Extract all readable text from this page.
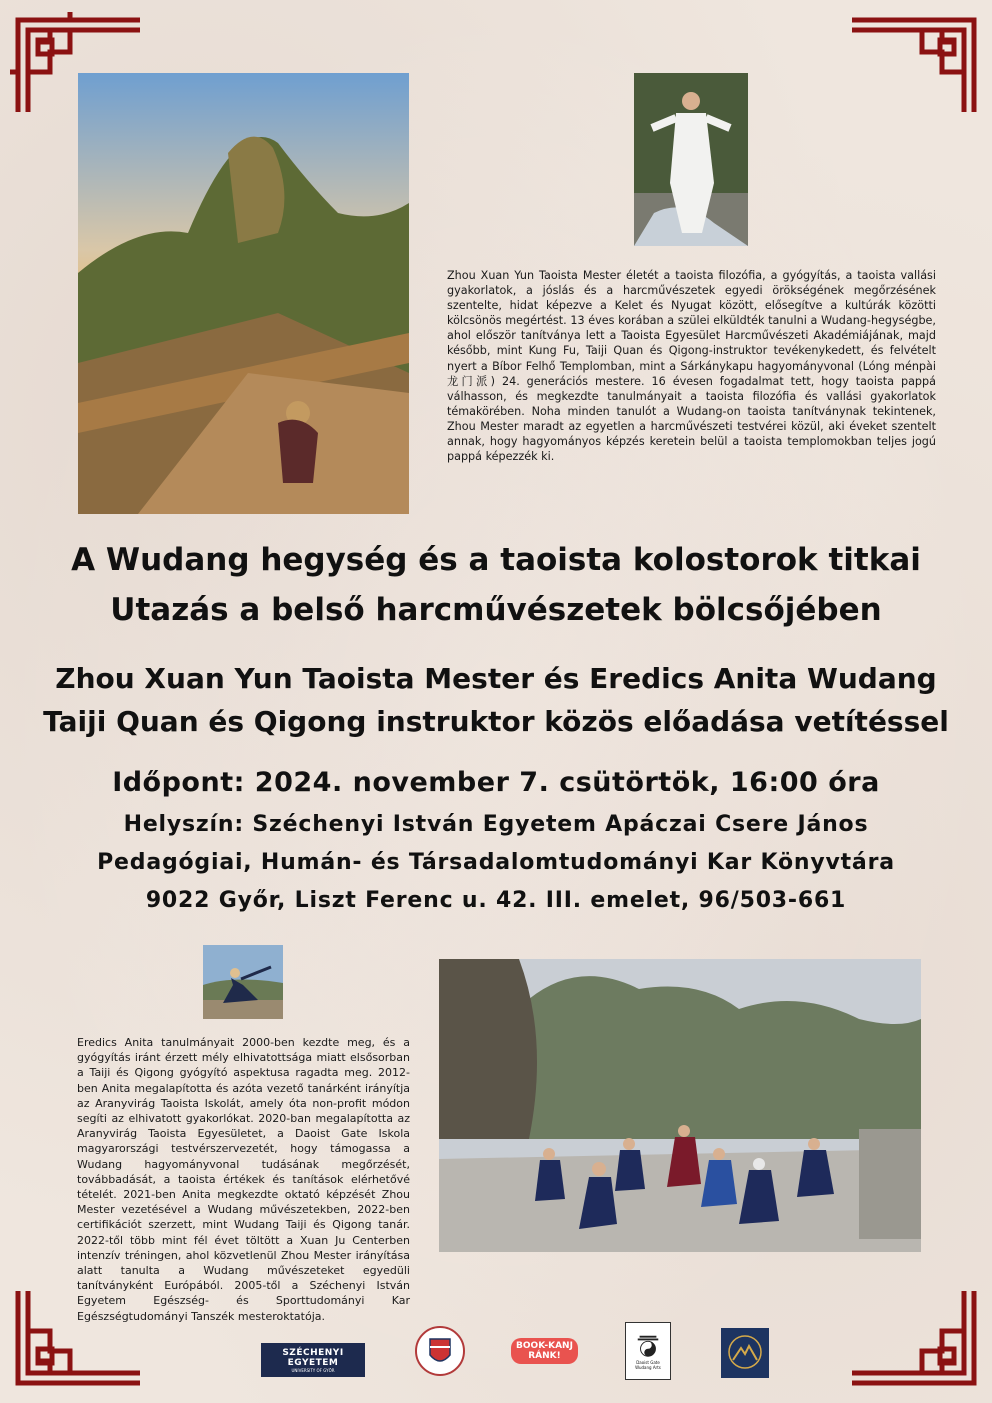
Zhou Xuan Yun Taoista Mester életét a taoista filozófia, a gyógyítás, a taoista vallási gyakorlatok, a jóslás és a harcművészetek egyedi örökségének megőrzésének szentelte, hidat képezve a Kelet és Nyugat között, elősegítve a kultúrák közötti kölcsönös megértést. 13 éves korában a szülei elküldték tanulni a Wudang-hegységbe, ahol először tanítványa lett a Taoista Egyesület Harcművészeti Akadémiájának, majd később, mint Kung Fu, Taiji Quan és Qigong-instruktor tevékenykedett, és felvételt nyert a Bíbor Felhő Templomban, mint a Sárkánykapu hagyományvonal (Lóng ménpài 龙门派) 24. generációs mestere. 16 évesen fogadalmat tett, hogy taoista pappá válhasson, és megkezdte tanulmányait a taoista filozófia és vallási gyakorlatok témakörében. Noha minden tanulót a Wudang-on taoista tanítványnak tekintenek, Zhou Mester maradt az egyetlen a harcművészeti testvérei közül, aki éveket szentelt annak, hogy hagyományos képzés keretein belül a taoista templomokban teljes jogú pappá képezzék ki.
A Wudang hegység és a taoista kolostorok titkai
Utazás a belső harcművészetek bölcsőjében
Zhou Xuan Yun Taoista Mester és Eredics Anita Wudang
Taiji Quan és Qigong instruktor közös előadása vetítéssel
Időpont: 2024. november 7. csütörtök, 16:00 óra
Helyszín: Széchenyi István Egyetem Apáczai Csere János
Pedagógiai, Humán- és Társadalomtudományi Kar Könyvtára
9022 Győr, Liszt Ferenc u. 42. III. emelet, 96/503-661
Eredics Anita tanulmányait 2000-ben kezdte meg, és a gyógyítás iránt érzett mély elhivatottsága miatt elsősorban a Taiji és Qigong gyógyító aspektusa ragadta meg. 2012-ben Anita megalapította és azóta vezető tanárként irányítja az Aranyvirág Taoista Iskolát, amely óta non-profit módon segíti az elhivatott gyakorlókat. 2020-ban megalapította az Aranyvirág Taoista Egyesületet, a Daoist Gate Iskola magyarországi testvérszervezetét, hogy támogassa a Wudang hagyományvonal tudásának megőrzését, továbbadását, a taoista értékek és tanítások elérhetővé tételét. 2021-ben Anita megkezdte oktató képzését Zhou Mester vezetésével a Wudang művészetekben, 2022-ben certifikációt szerzett, mint Wudang Taiji és Qigong tanár. 2022-től több mint fél évet töltött a Xuan Ju Centerben intenzív tréningen, ahol közvetlenül Zhou Mester irányítása alatt tanulta a Wudang művészeteket egyedüli tanítványként Európából. 2005-től a Széchenyi István Egyetem Egészség- és Sporttudományi Kar Egészségtudományi Tanszék mesteroktatója.
SZÉCHENYI
EGYETEM
UNIVERSITY OF GYŐR
BOOK-KANJ
RÁNK!
Daoist Gate
Wudang Arts
